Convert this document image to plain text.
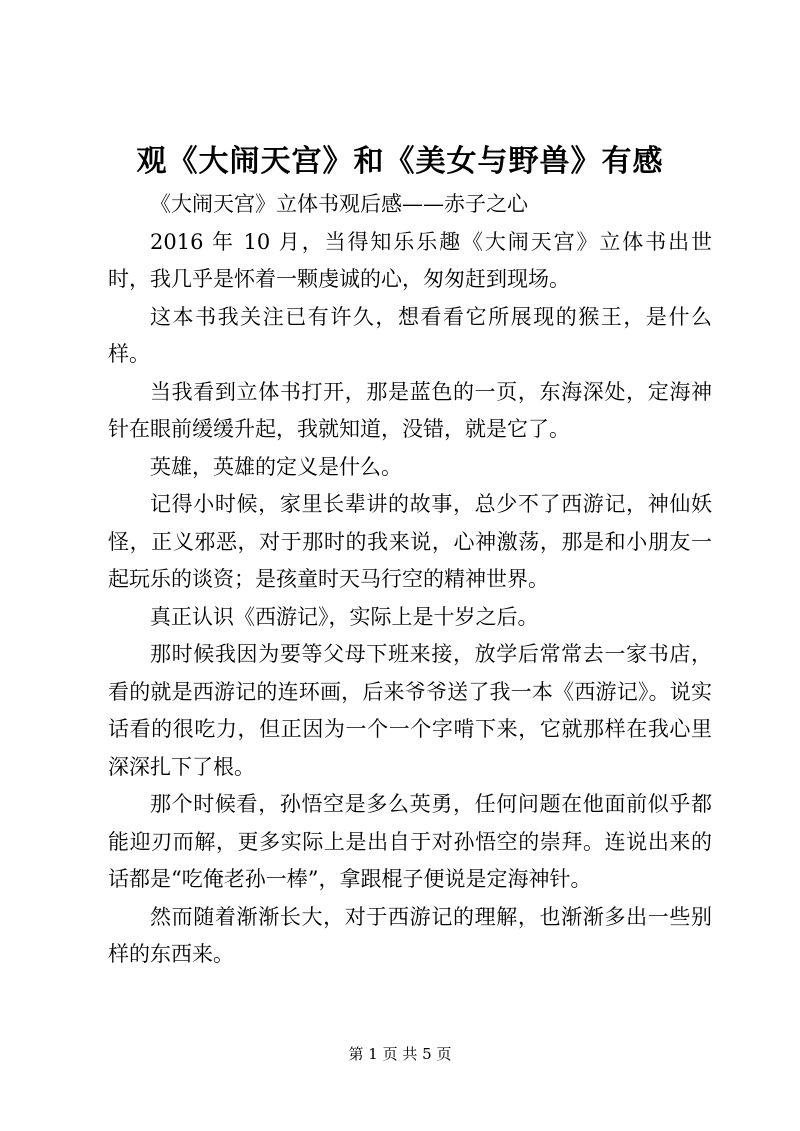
观《大闹天宫》和《美女与野兽》有感

《大闹天宫》立体书观后感——赤子之心

2016 年 10 月，当得知乐乐趣《大闹天宫》立体书出世时，我几乎是怀着一颗虔诚的心，匆匆赶到现场。

这本书我关注已有许久，想看看它所展现的猴王，是什么样。

当我看到立体书打开，那是蓝色的一页，东海深处，定海神针在眼前缓缓升起，我就知道，没错，就是它了。

英雄，英雄的定义是什么。

记得小时候，家里长辈讲的故事，总少不了西游记，神仙妖怪，正义邪恶，对于那时的我来说，心神激荡，那是和小朋友一起玩乐的谈资；是孩童时天马行空的精神世界。

真正认识《西游记》，实际上是十岁之后。

那时候我因为要等父母下班来接，放学后常常去一家书店，看的就是西游记的连环画，后来爷爷送了我一本《西游记》。说实话看的很吃力，但正因为一个一个字啃下来，它就那样在我心里深深扎下了根。

那个时候看，孙悟空是多么英勇，任何问题在他面前似乎都能迎刃而解，更多实际上是出自于对孙悟空的崇拜。连说出来的话都是“吃俺老孙一棒”，拿跟棍子便说是定海神针。

然而随着渐渐长大，对于西游记的理解，也渐渐多出一些别样的东西来。

第 1 页 共 5 页
